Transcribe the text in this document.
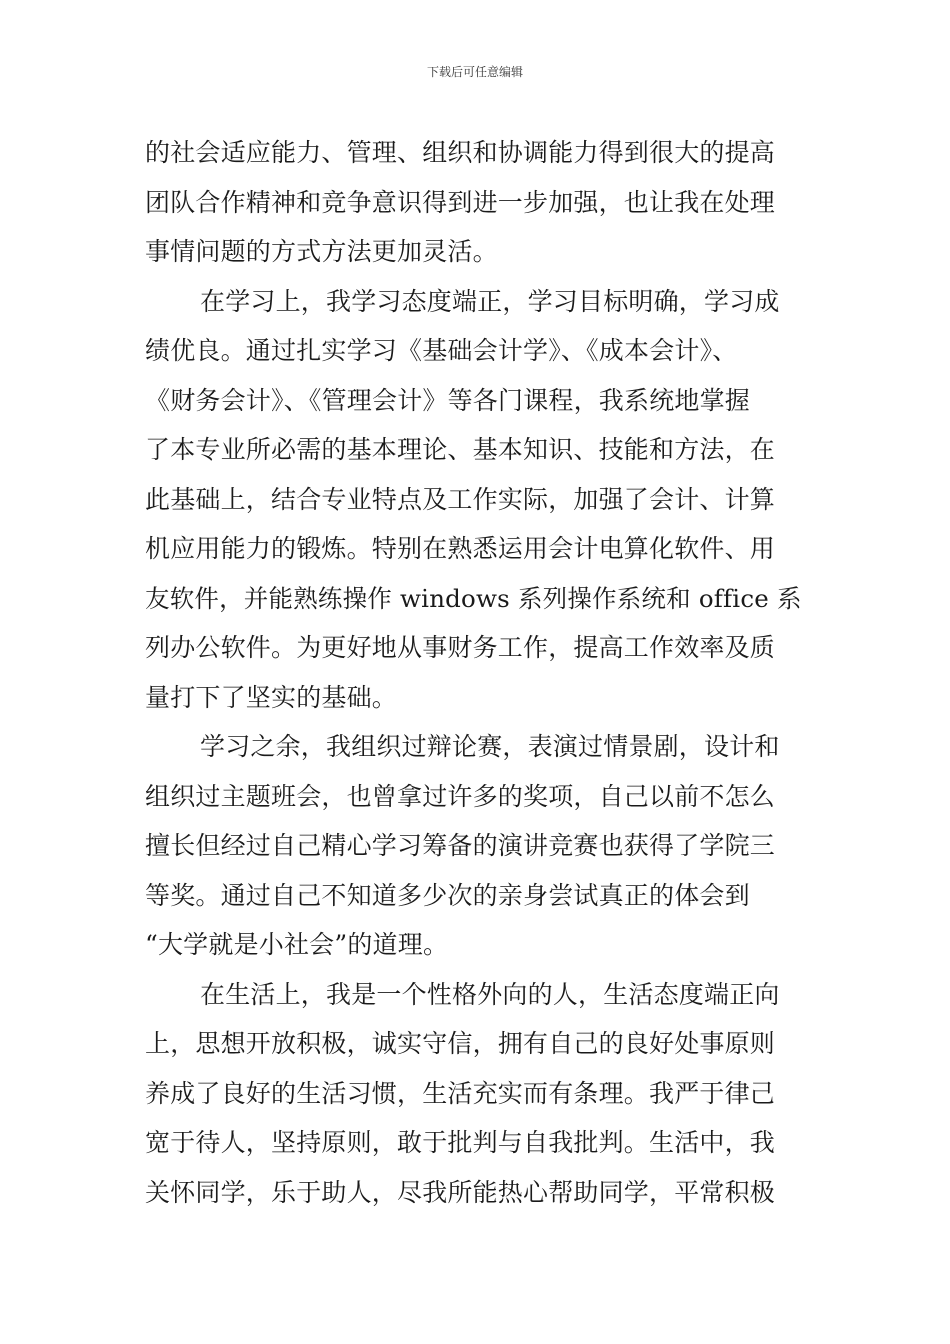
下载后可任意编辑
的社会适应能力、管理、组织和协调能力得到很大的提高
团队合作精神和竞争意识得到进一步加强，也让我在处理
事情问题的方式方法更加灵活。
在学习上，我学习态度端正，学习目标明确，学习成
绩优良。通过扎实学习《基础会计学》、《成本会计》、
《财务会计》、《管理会计》等各门课程，我系统地掌握
了本专业所必需的基本理论、基本知识、技能和方法，在
此基础上，结合专业特点及工作实际，加强了会计、计算
机应用能力的锻炼。特别在熟悉运用会计电算化软件、用
友软件，并能熟练操作 windows 系列操作系统和 office 系
列办公软件。为更好地从事财务工作，提高工作效率及质
量打下了坚实的基础。
学习之余，我组织过辩论赛，表演过情景剧，设计和
组织过主题班会，也曾拿过许多的奖项，自己以前不怎么
擅长但经过自己精心学习筹备的演讲竞赛也获得了学院三
等奖。通过自己不知道多少次的亲身尝试真正的体会到
“大学就是小社会”的道理。
在生活上，我是一个性格外向的人，生活态度端正向
上，思想开放积极，诚实守信，拥有自己的良好处事原则
养成了良好的生活习惯，生活充实而有条理。我严于律己
宽于待人，坚持原则，敢于批判与自我批判。生活中，我
关怀同学，乐于助人，尽我所能热心帮助同学，平常积极
